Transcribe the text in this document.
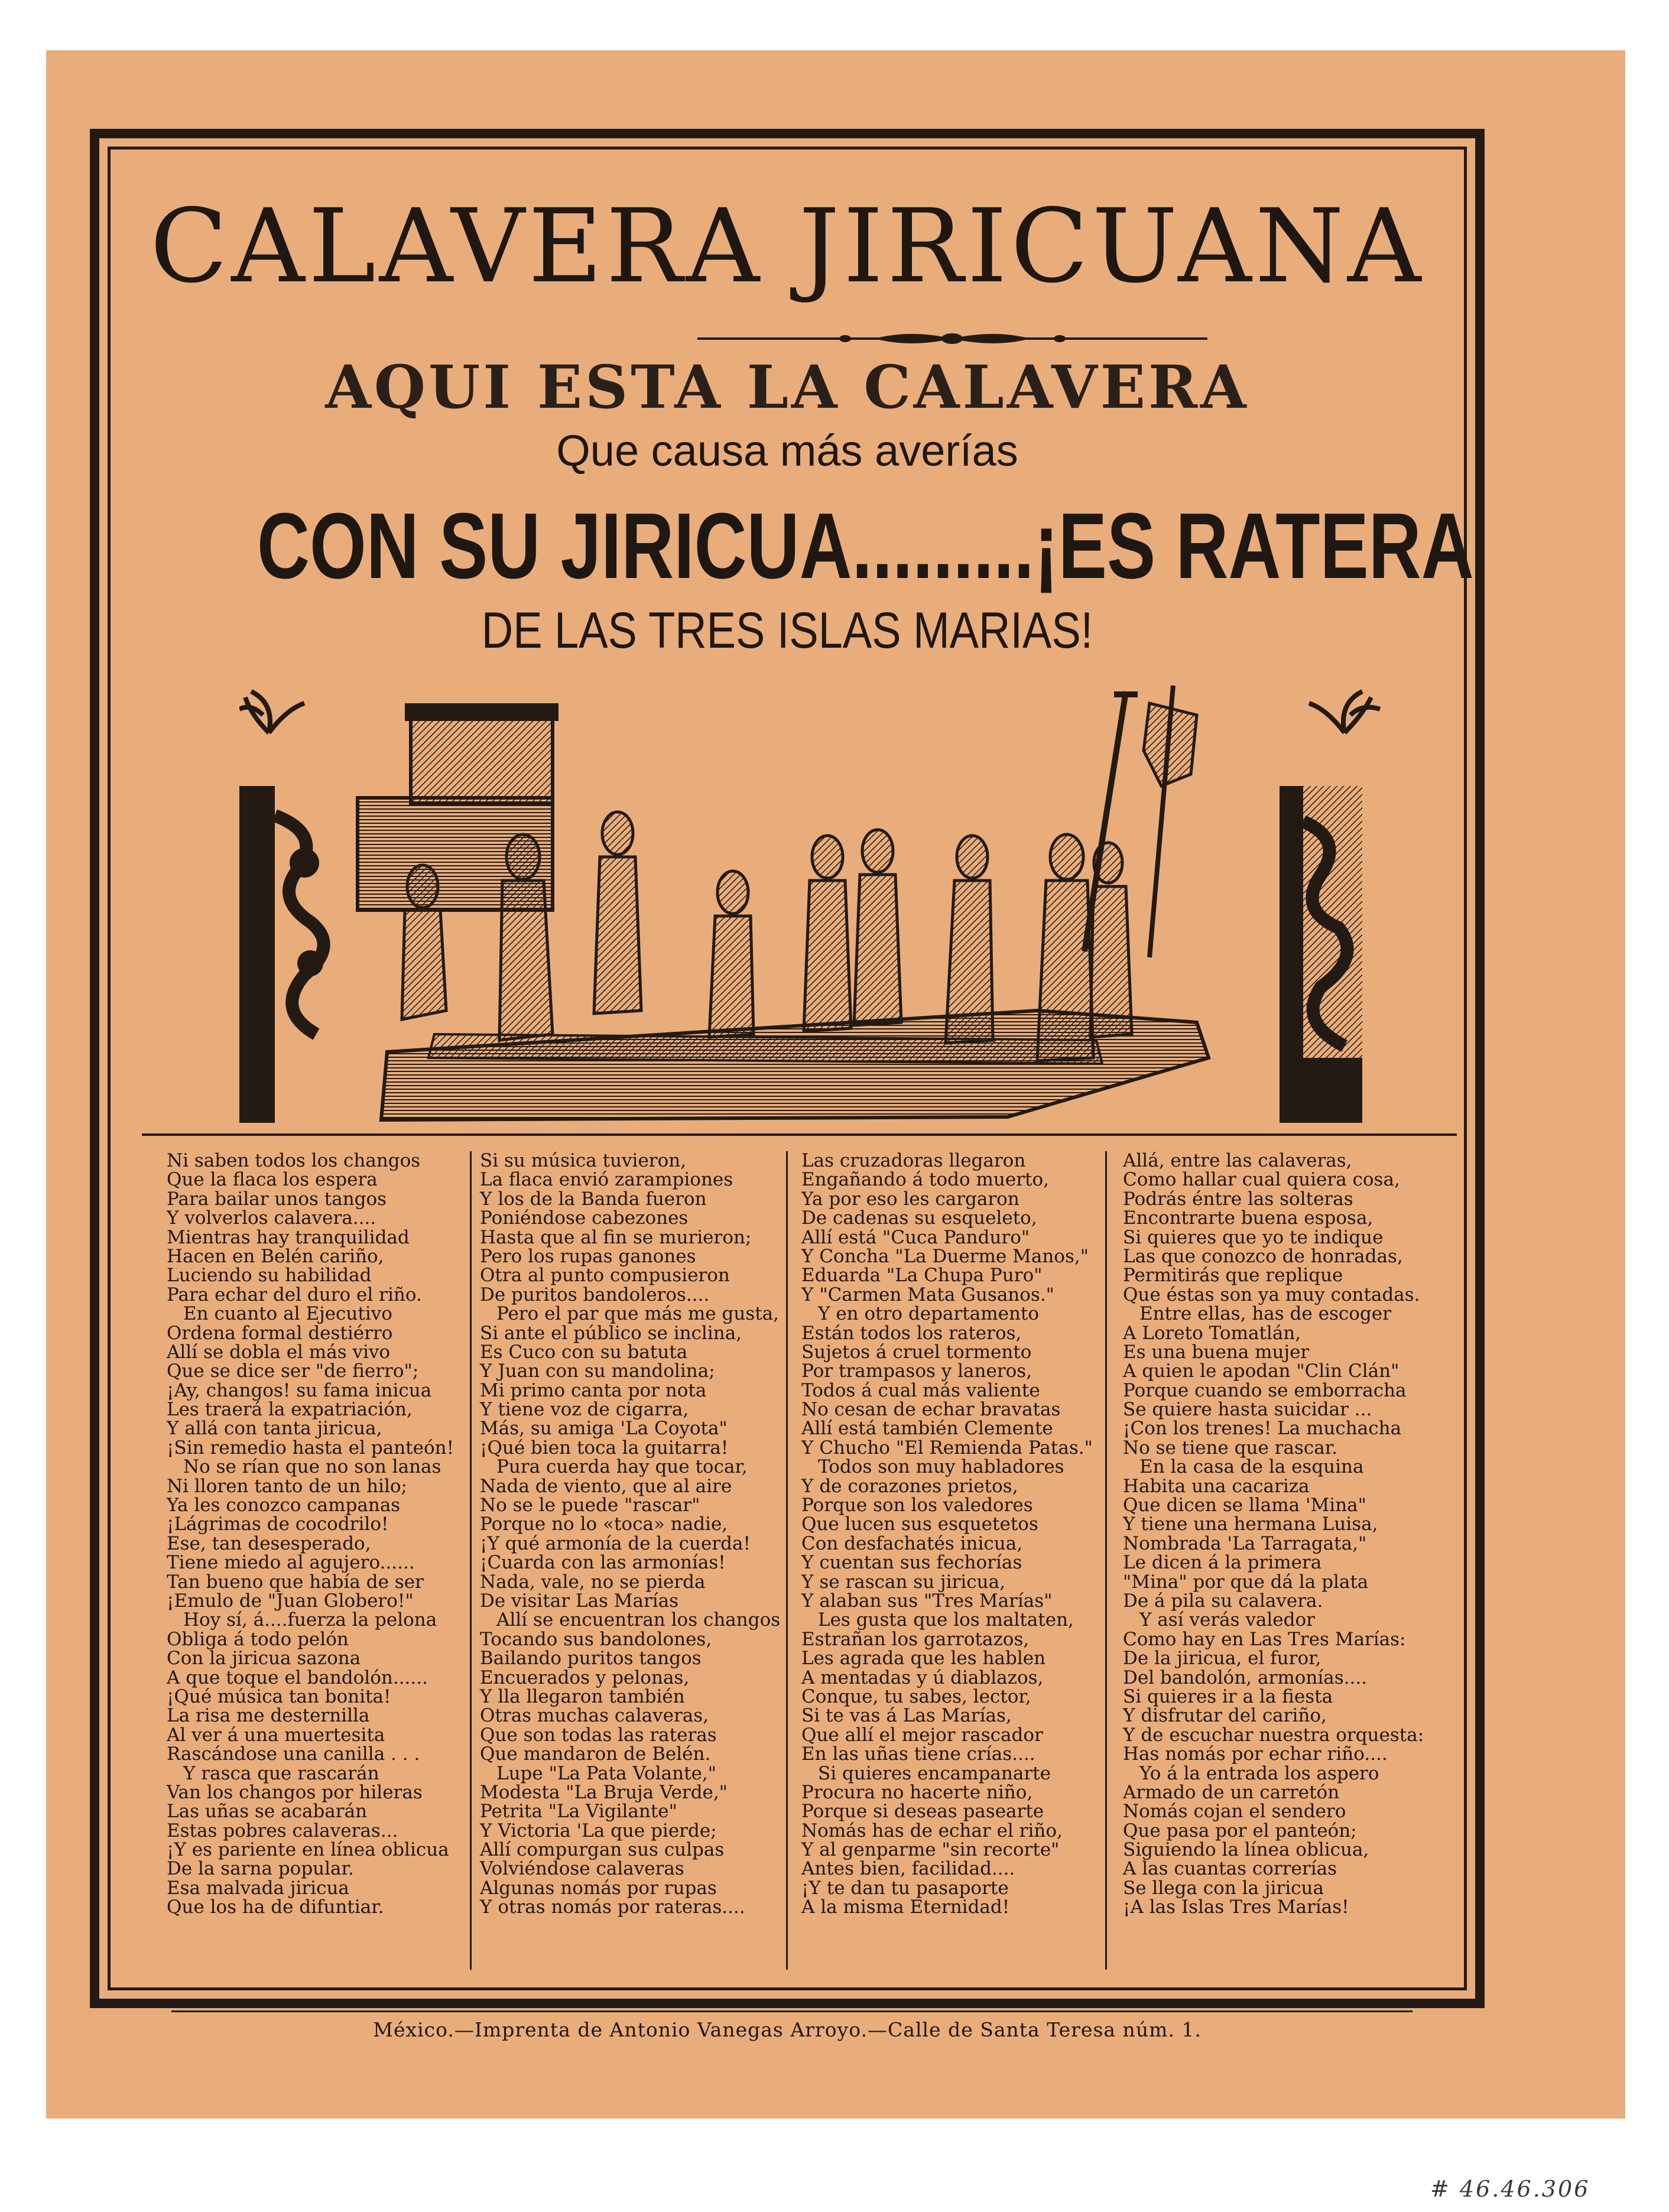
CALAVERA JIRICUANA
AQUI ESTA LA CALAVERA
Que causa más averías
CON SU JIRICUA.........¡ES RATERA
DE LAS TRES ISLAS MARIAS!
Ni saben todos los changos
Que la flaca los espera
Para bailar unos tangos
Y volverlos calavera....
Mientras hay tranquilidad
Hacen en Belén cariño,
Luciendo su habilidad
Para echar del duro el riño.
En cuanto al Ejecutivo
Ordena formal destiérro
Allí se dobla el más vivo
Que se dice ser "de fierro";
¡Ay, changos! su fama inicua
Les traerá la expatriación,
Y allá con tanta jiricua,
¡Sin remedio hasta el panteón!
No se rían que no son lanas
Ni lloren tanto de un hilo;
Ya les conozco campanas
¡Lágrimas de cocodrilo!
Ese, tan desesperado,
Tiene miedo al agujero......
Tan bueno que había de ser
¡Emulo de "Juan Globero!"
Hoy sí, á....fuerza la pelona
Obliga á todo pelón
Con la jiricua sazona
A que toque el bandolón......
¡Qué música tan bonita!
La risa me desternilla
Al ver á una muertesita
Rascándose una canilla . . .
Y rasca que rascarán
Van los changos por hileras
Las uñas se acabarán
Estas pobres calaveras...
¡Y es pariente en línea oblicua
De la sarna popular.
Esa malvada jiricua
Que los ha de difuntiar.
Si su música tuvieron,
La flaca envió zarampiones
Y los de la Banda fueron
Poniéndose cabezones
Hasta que al fin se murieron;
Pero los rupas ganones
Otra al punto compusieron
De puritos bandoleros....
Pero el par que más me gusta,
Si ante el público se inclina,
Es Cuco con su batuta
Y Juan con su mandolina;
Mi primo canta por nota
Y tiene voz de cigarra,
Más, su amiga 'La Coyota"
¡Qué bien toca la guitarra!
Pura cuerda hay que tocar,
Nada de viento, que al aire
No se le puede "rascar"
Porque no lo «toca» nadie,
¡Y qué armonía de la cuerda!
¡Cuarda con las armonías!
Nada, vale, no se pierda
De visitar Las Marías
Allí se encuentran los changos
Tocando sus bandolones,
Bailando puritos tangos
Encuerados y pelonas,
Y lla llegaron también
Otras muchas calaveras,
Que son todas las rateras
Que mandaron de Belén.
Lupe "La Pata Volante,"
Modesta "La Bruja Verde,"
Petrita "La Vigilante"
Y Victoria 'La que pierde;
Allí compurgan sus culpas
Volviéndose calaveras
Algunas nomás por rupas
Y otras nomás por rateras....
Las cruzadoras llegaron
Engañando á todo muerto,
Ya por eso les cargaron
De cadenas su esqueleto,
Allí está "Cuca Panduro"
Y Concha "La Duerme Manos,"
Eduarda "La Chupa Puro"
Y "Carmen Mata Gusanos."
Y en otro departamento
Están todos los rateros,
Sujetos á cruel tormento
Por trampasos y laneros,
Todos á cual más valiente
No cesan de echar bravatas
Allí está también Clemente
Y Chucho "El Remienda Patas."
Todos son muy habladores
Y de corazones prietos,
Porque son los valedores
Que lucen sus esquetetos
Con desfachatés inicua,
Y cuentan sus fechorías
Y se rascan su jiricua,
Y alaban sus "Tres Marías"
Les gusta que los maltaten,
Estrañan los garrotazos,
Les agrada que les hablen
A mentadas y ú diablazos,
Conque, tu sabes, lector,
Si te vas á Las Marías,
Que allí el mejor rascador
En las uñas tiene crías....
Si quieres encampanarte
Procura no hacerte niño,
Porque si deseas pasearte
Nomás has de echar el riño,
Y al genparme "sin recorte"
Antes bien, facilidad....
¡Y te dan tu pasaporte
A la misma Eternidad!
Allá, entre las calaveras,
Como hallar cual quiera cosa,
Podrás éntre las solteras
Encontrarte buena esposa,
Si quieres que yo te indique
Las que conozco de honradas,
Permitirás que replique
Que éstas son ya muy contadas.
Entre ellas, has de escoger
A Loreto Tomatlán,
Es una buena mujer
A quien le apodan "Clin Clán"
Porque cuando se emborracha
Se quiere hasta suicidar ...
¡Con los trenes! La muchacha
No se tiene que rascar.
En la casa de la esquina
Habita una cacariza
Que dicen se llama 'Mina"
Y tiene una hermana Luisa,
Nombrada 'La Tarragata,"
Le dicen á la primera
"Mina" por que dá la plata
De á pila su calavera.
Y así verás valedor
Como hay en Las Tres Marías:
De la jiricua, el furor,
Del bandolón, armonías....
Si quieres ir a la fiesta
Y disfrutar del cariño,
Y de escuchar nuestra orquesta:
Has nomás por echar riño....
Yo á la entrada los aspero
Armado de un carretón
Nomás cojan el sendero
Que pasa por el panteón;
Siguiendo la línea oblicua,
A las cuantas correrías
Se llega con la jiricua
¡A las Islas Tres Marías!
México.—Imprenta de Antonio Vanegas Arroyo.—Calle de Santa Teresa núm. 1.
# 46.46.306
